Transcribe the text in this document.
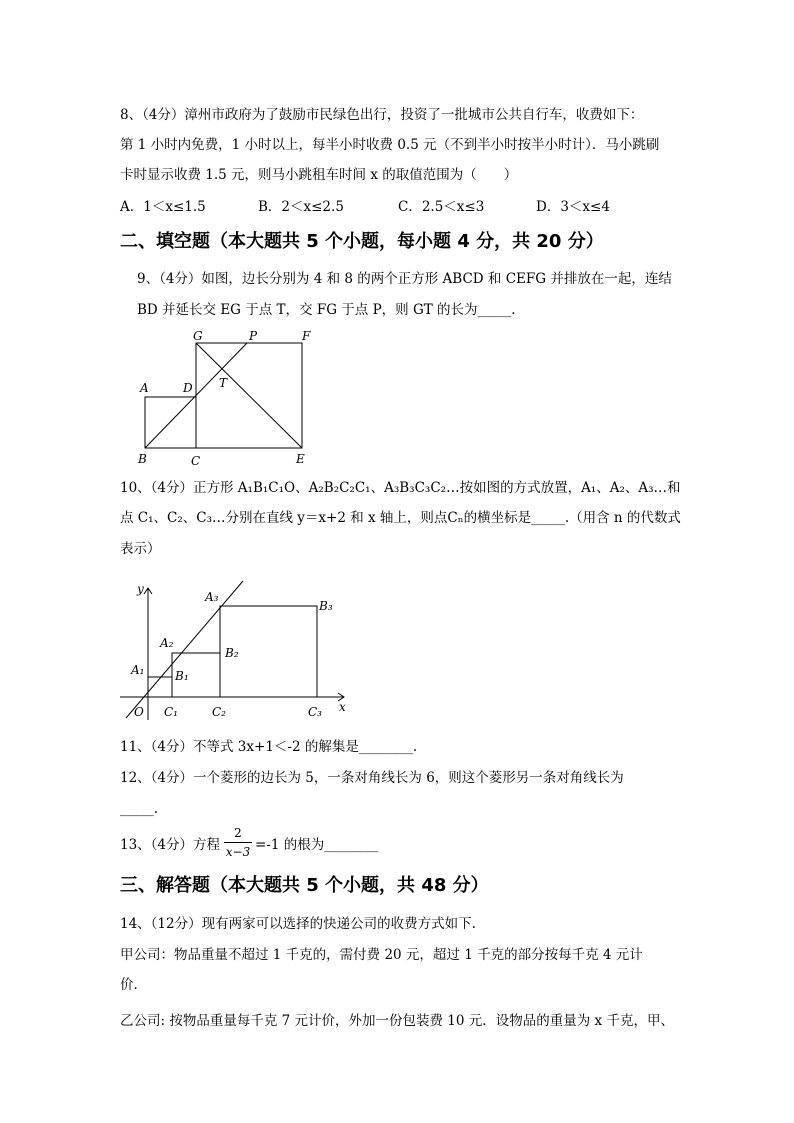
8、（4分）漳州市政府为了鼓励市民绿色出行，投资了一批城市公共自行车，收费如下：
第 1 小时内免费，1 小时以上，每半小时收费 0.5 元（不到半小时按半小时计）．马小跳刷
卡时显示收费 1.5 元，则马小跳租车时间 x 的取值范围为（　　）
A．1＜x≤1.5	B．2＜x≤2.5	C．2.5＜x≤3	D．3＜x≤4
二、填空题（本大题共 5 个小题，每小题 4 分，共 20 分）
9、（4分）如图，边长分别为 4 和 8 的两个正方形 ABCD 和 CEFG 并排放在一起，连结
BD 并延长交 EG 于点 T，交 FG 于点 P，则 GT 的长为_____.
G	P	F
A	D T
B	C	E
10、（4分）正方形 A₁B₁C₁O、A₂B₂C₂C₁、A₃B₃C₃C₂…按如图的方式放置，A₁、A₂、A₃…和
点 C₁、C₂、C₃…分别在直线 y＝x+2 和 x 轴上，则点Cₙ的横坐标是_____.（用含 n 的代数式
表示）
y
x
O
A₁
A₂
A₃
B₁
B₂
B₃
C₁	C₂	C₃
11、（4分）不等式 3x+1＜-2 的解集是________.
12、（4分）一个菱形的边长为 5，一条对角线长为 6，则这个菱形另一条对角线长为
_____.
13、（4分）方程
2
x−3 =-1 的根为________
三、解答题（本大题共 5 个小题，共 48 分）
14、（12分）现有两家可以选择的快递公司的收费方式如下.
甲公司：物品重量不超过 1 千克的，需付费 20 元，超过 1 千克的部分按每千克 4 元计
价.
乙公司: 按物品重量每千克 7 元计价，外加一份包装费 10 元．设物品的重量为 x 千克，甲、
